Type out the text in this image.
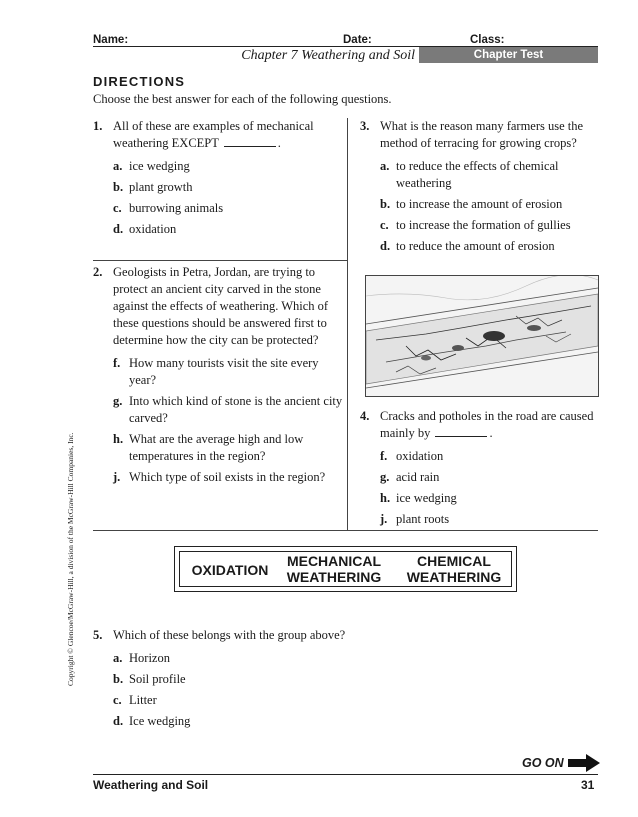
Name:	Date:	Class:
Chapter 7 Weathering and Soil	Chapter Test
DIRECTIONS
Choose the best answer for each of the following questions.
1. All of these are examples of mechanical weathering EXCEPT	.
a. ice wedging
b. plant growth
c. burrowing animals
d. oxidation
2. Geologists in Petra, Jordan, are trying to protect an ancient city carved in the stone against the effects of weathering. Which of these questions should be answered first to determine how the city can be protected?
f. How many tourists visit the site every year?
g. Into which kind of stone is the ancient city carved?
h. What are the average high and low temperatures in the region?
j. Which type of soil exists in the region?
3. What is the reason many farmers use the method of terracing for growing crops?
a. to reduce the effects of chemical weathering
b. to increase the amount of erosion
c. to increase the formation of gullies
d. to reduce the amount of erosion
4. Cracks and potholes in the road are caused mainly by	.
f. oxidation
g. acid rain
h. ice wedging
j. plant roots
OXIDATION
MECHANICAL
WEATHERING
CHEMICAL
WEATHERING
5. Which of these belongs with the group above?
a. Horizon
b. Soil profile
c. Litter
d. Ice wedging
Copyright © Glencoe/McGraw-Hill, a division of the McGraw-Hill Companies, Inc.
GO ON
Weathering and Soil	31
